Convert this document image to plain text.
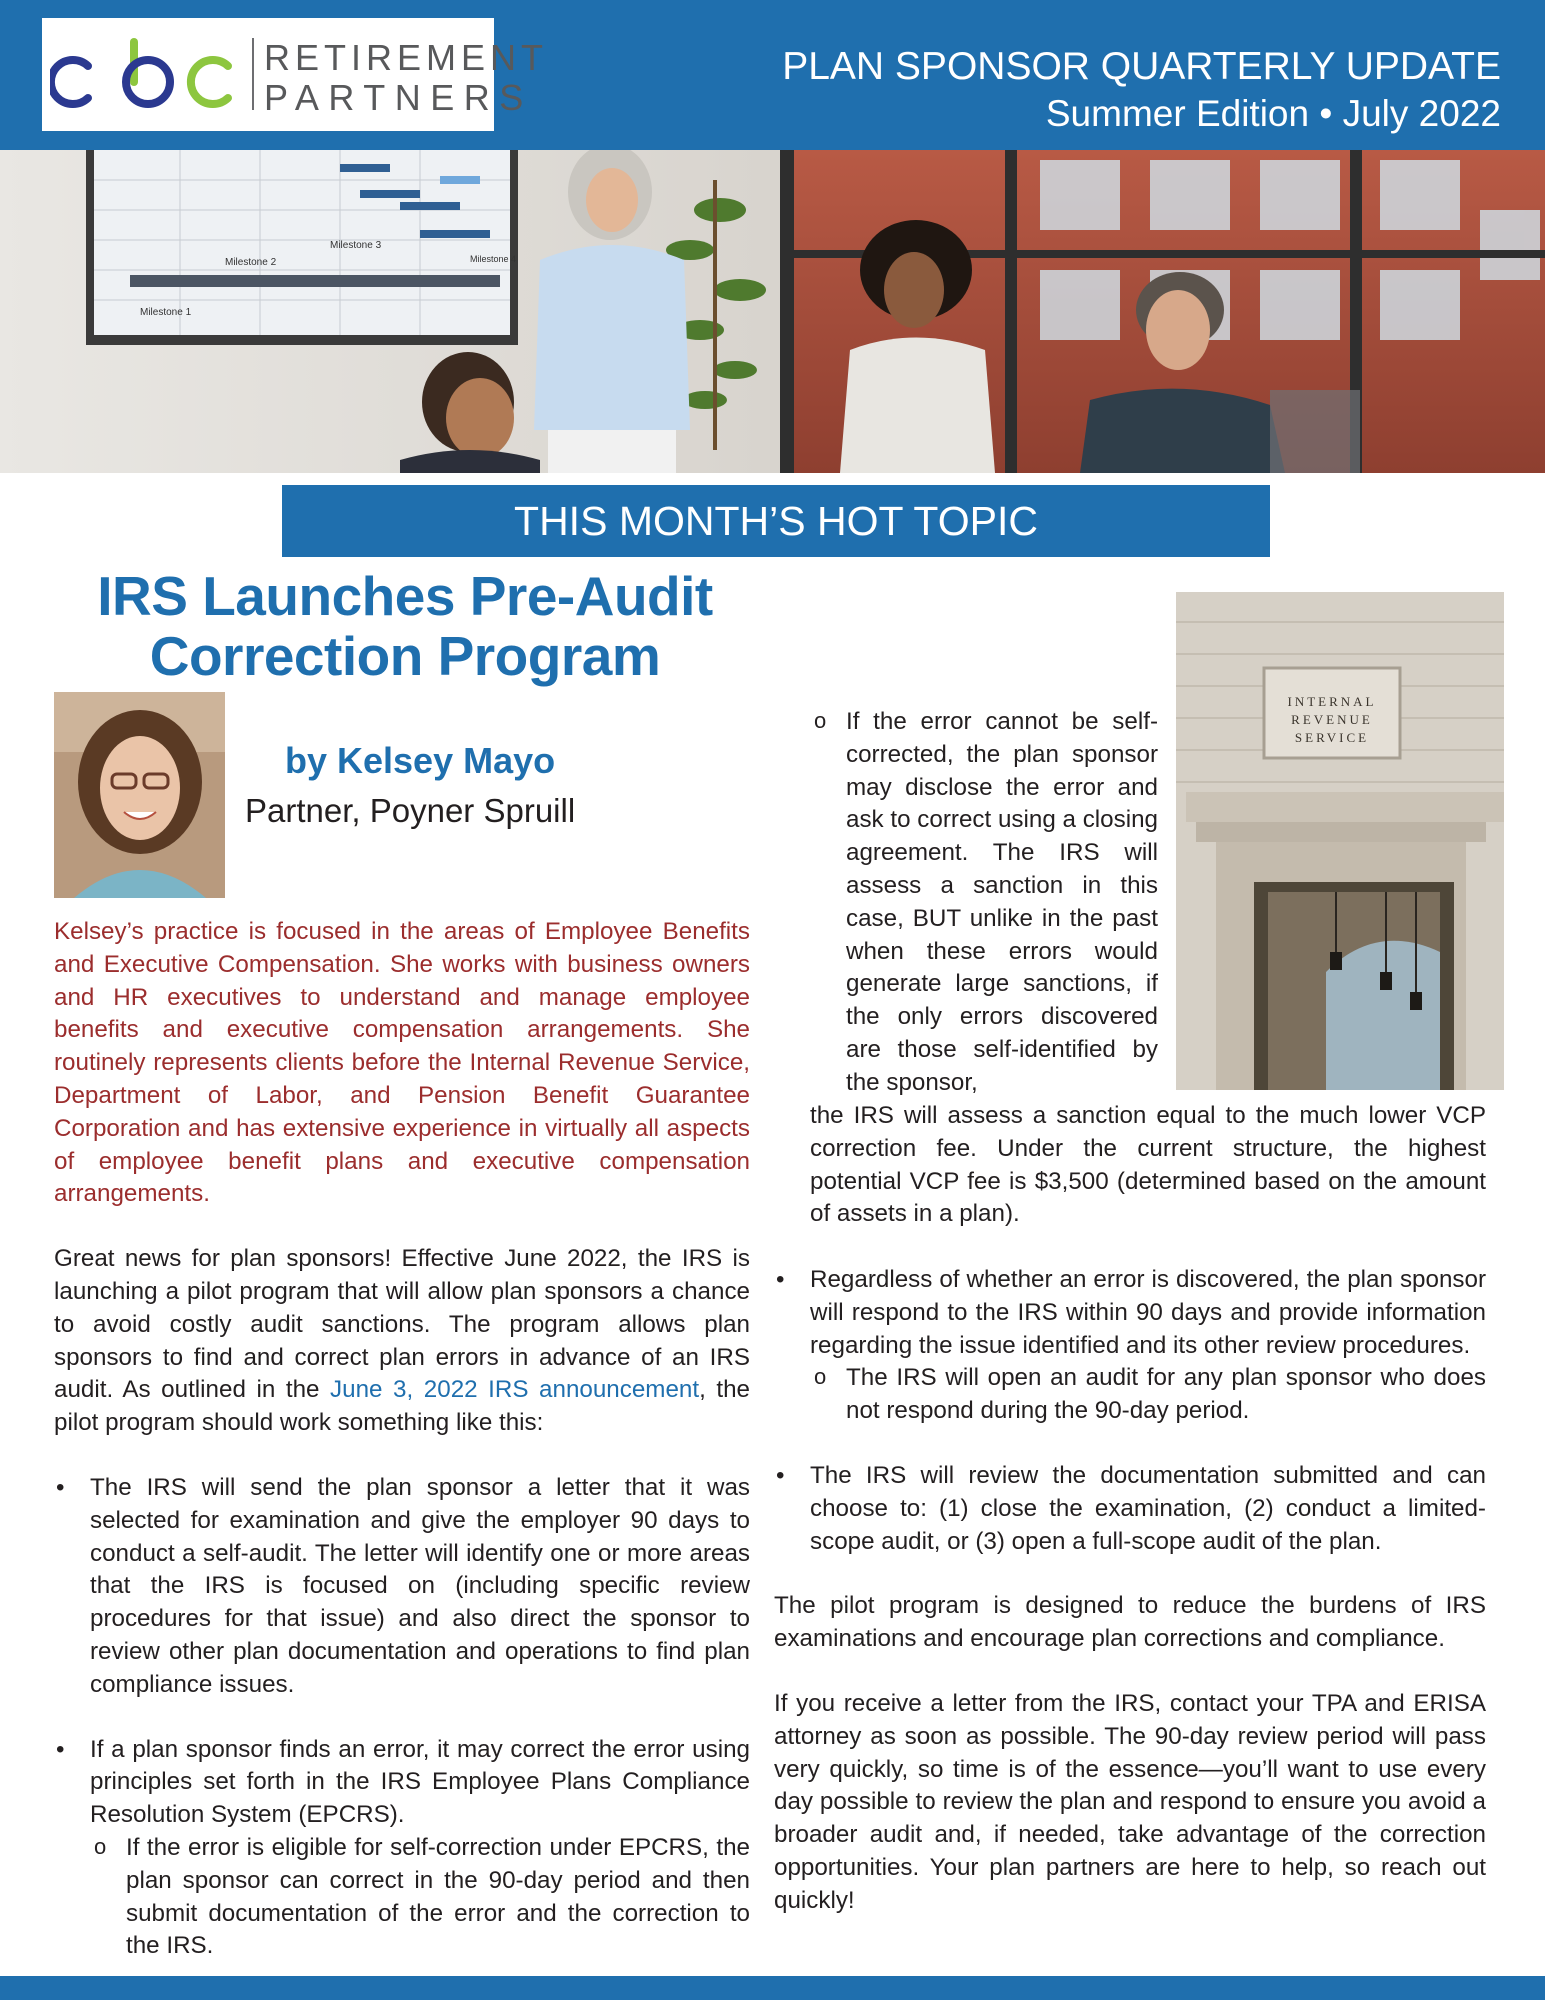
RETIREMENT
PARTNERS
PLAN SPONSOR QUARTERLY UPDATE
Summer Edition • July 2022
Milestone 3
Milestone 2
Milestone 1
Milestone 4
THIS MONTH’S HOT TOPIC
IRS Launches Pre-Audit
Correction Program
by Kelsey Mayo
Partner, Poyner Spruill

Kelsey’s practice is focused in the areas of Employee Benefits and Executive Compensation. She works with business owners and HR executives to understand and manage employee benefits and executive compensation arrangements. She routinely represents clients before the Internal Revenue Service, Department of Labor, and Pension Benefit Guarantee Corporation and has extensive experience in virtually all aspects of employee benefit plans and executive compensation arrangements.

Great news for plan sponsors! Effective June 2022, the IRS is launching a pilot program that will allow plan sponsors a chance to avoid costly audit sanctions. The program allows plan sponsors to find and correct plan errors in advance of an IRS audit. As outlined in the June 3, 2022 IRS announcement, the pilot program should work something like this:

• The IRS will send the plan sponsor a letter that it was selected for examination and give the employer 90 days to conduct a self-audit. The letter will identify one or more areas that the IRS is focused on (including specific review procedures for that issue) and also direct the sponsor to review other plan documentation and operations to find plan compliance issues.
• If a plan sponsor finds an error, it may correct the error using principles set forth in the IRS Employee Plans Compliance Resolution System (EPCRS).
o If the error is eligible for self-correction under EPCRS, the plan sponsor can correct in the 90-day period and then submit documentation of the error and the correction to the IRS.
o If the error cannot be self-corrected, the plan sponsor may disclose the error and ask to correct using a closing agreement. The IRS will assess a sanction in this case, BUT unlike in the past when these errors would generate large sanctions, if the only errors discovered are those self-identified by the sponsor,
INTERNAL
REVENUE
SERVICE

the IRS will assess a sanction equal to the much lower VCP correction fee. Under the current structure, the highest potential VCP fee is $3,500 (determined based on the amount of assets in a plan).

• Regardless of whether an error is discovered, the plan sponsor will respond to the IRS within 90 days and provide information regarding the issue identified and its other review procedures.
o The IRS will open an audit for any plan sponsor who does not respond during the 90-day period.
• The IRS will review the documentation submitted and can choose to: (1) close the examination, (2) conduct a limited-scope audit, or (3) open a full-scope audit of the plan.

The pilot program is designed to reduce the burdens of IRS examinations and encourage plan corrections and compliance.

If you receive a letter from the IRS, contact your TPA and ERISA attorney as soon as possible. The 90-day review period will pass very quickly, so time is of the essence—you’ll want to use every day possible to review the plan and respond to ensure you avoid a broader audit and, if needed, take advantage of the correction opportunities. Your plan partners are here to help, so reach out quickly!
